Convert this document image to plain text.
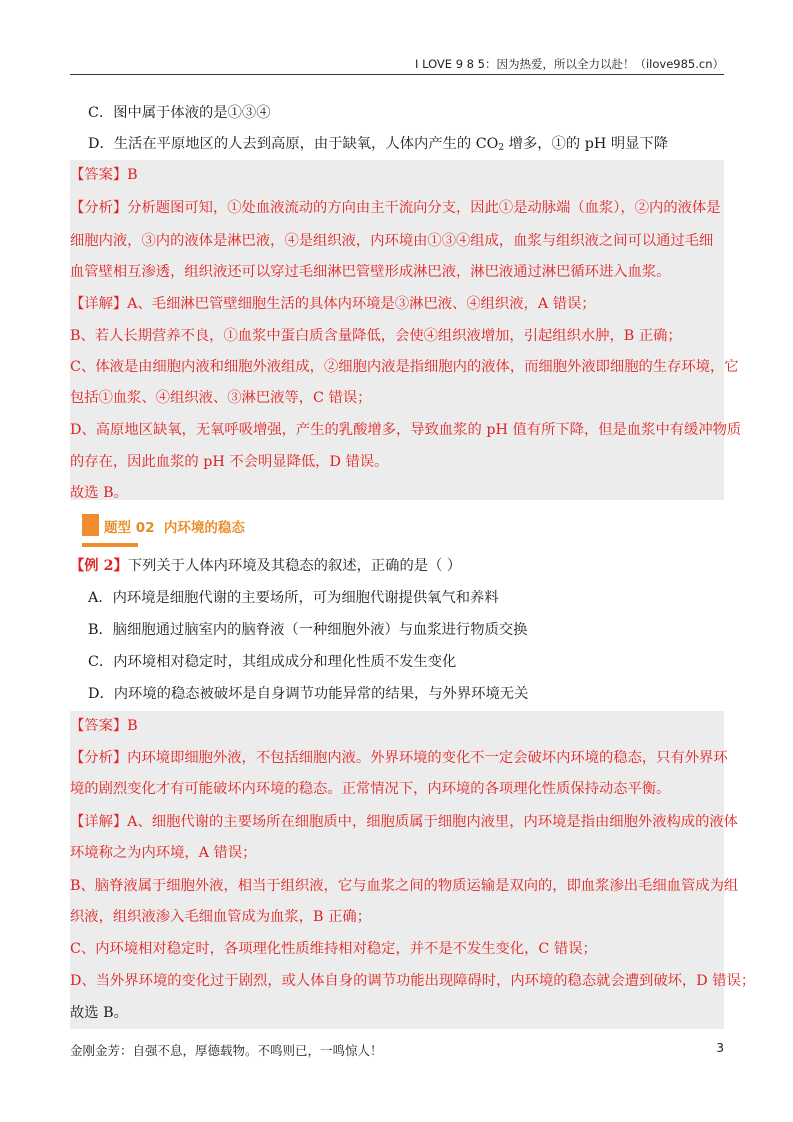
I LOVE 9 8 5：因为热爱，所以全力以赴！（ilove985.cn）
C．图中属于体液的是①③④
D．生活在平原地区的人去到高原，由于缺氧，人体内产生的 $CO_2$ 增多，①的 pH 明显下降
【答案】B
【分析】分析题图可知，①处血液流动的方向由主干流向分支，因此①是动脉端（血浆），②内的液体是
细胞内液，③内的液体是淋巴液，④是组织液，内环境由①③④组成，血浆与组织液之间可以通过毛细
血管壁相互渗透，组织液还可以穿过毛细淋巴管壁形成淋巴液，淋巴液通过淋巴循环进入血浆。
【详解】A、毛细淋巴管壁细胞生活的具体内环境是③淋巴液、④组织液，A 错误；
B、若人长期营养不良，①血浆中蛋白质含量降低，会使④组织液增加，引起组织水肿，B 正确；
C、体液是由细胞内液和细胞外液组成，②细胞内液是指细胞内的液体，而细胞外液即细胞的生存环境，它
包括①血浆、④组织液、③淋巴液等，C 错误；
D、高原地区缺氧，无氧呼吸增强，产生的乳酸增多，导致血浆的 pH 值有所下降，但是血浆中有缓冲物质
的存在，因此血浆的 pH 不会明显降低，D 错误。
故选 B。
题型 02 内环境的稳态
【例 2】下列关于人体内环境及其稳态的叙述，正确的是（ ）
A．内环境是细胞代谢的主要场所，可为细胞代谢提供氧气和养料
B．脑细胞通过脑室内的脑脊液（一种细胞外液）与血浆进行物质交换
C．内环境相对稳定时，其组成成分和理化性质不发生变化
D．内环境的稳态被破坏是自身调节功能异常的结果，与外界环境无关
【答案】B
【分析】内环境即细胞外液，不包括细胞内液。外界环境的变化不一定会破坏内环境的稳态，只有外界环
境的剧烈变化才有可能破坏内环境的稳态。正常情况下，内环境的各项理化性质保持动态平衡。
【详解】A、细胞代谢的主要场所在细胞质中，细胞质属于细胞内液里，内环境是指由细胞外液构成的液体
环境称之为内环境，A 错误；
B、脑脊液属于细胞外液，相当于组织液，它与血浆之间的物质运输是双向的，即血浆渗出毛细血管成为组
织液，组织液渗入毛细血管成为血浆，B 正确；
C、内环境相对稳定时，各项理化性质维持相对稳定，并不是不发生变化，C 错误；
D、当外界环境的变化过于剧烈，或人体自身的调节功能出现障碍时，内环境的稳态就会遭到破坏，D 错误；
故选 B。
金刚金芳：自强不息，厚德载物。不鸣则已，一鸣惊人！	3
